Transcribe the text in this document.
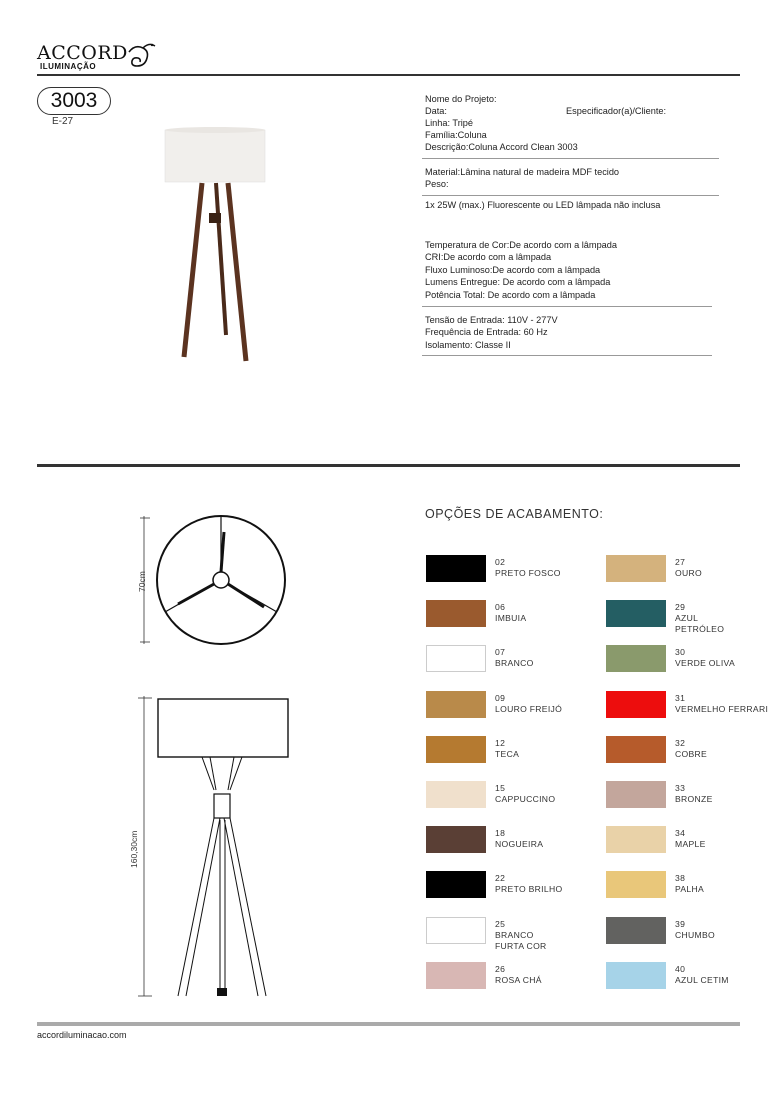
ACCORD
ILUMINAÇÃO
3003
E-27
Nome do Projeto:
Data:	Especificador(a)/Cliente:
Linha: Tripé
Família:Coluna
Descrição:Coluna Accord Clean 3003
Material:Lâmina natural de madeira MDF tecido
Peso:
1x 25W (max.) Fluorescente ou LED lâmpada não inclusa
Temperatura de Cor:De acordo com a lâmpada
CRI:De acordo com a lâmpada
Fluxo Luminoso:De acordo com a lâmpada
Lumens Entregue: De acordo com a lâmpada
Potência Total: De acordo com a lâmpada
Tensão de Entrada: 110V - 277V
Frequência de Entrada: 60 Hz
Isolamento: Classe II
70cm
160,30cm
OPÇÕES DE ACABAMENTO:
02
PRETO FOSCO
06
IMBUIA
07
BRANCO
09
LOURO FREIJÓ
12
TECA
15
CAPPUCCINO
18
NOGUEIRA
22
PRETO BRILHO
25
BRANCO
FURTA COR
26
ROSA CHÁ
27
OURO
29
AZUL
PETRÓLEO
30
VERDE OLIVA
31
VERMELHO FERRARI
32
COBRE
33
BRONZE
34
MAPLE
38
PALHA
39
CHUMBO
40
AZUL CETIM
accordiluminacao.com
